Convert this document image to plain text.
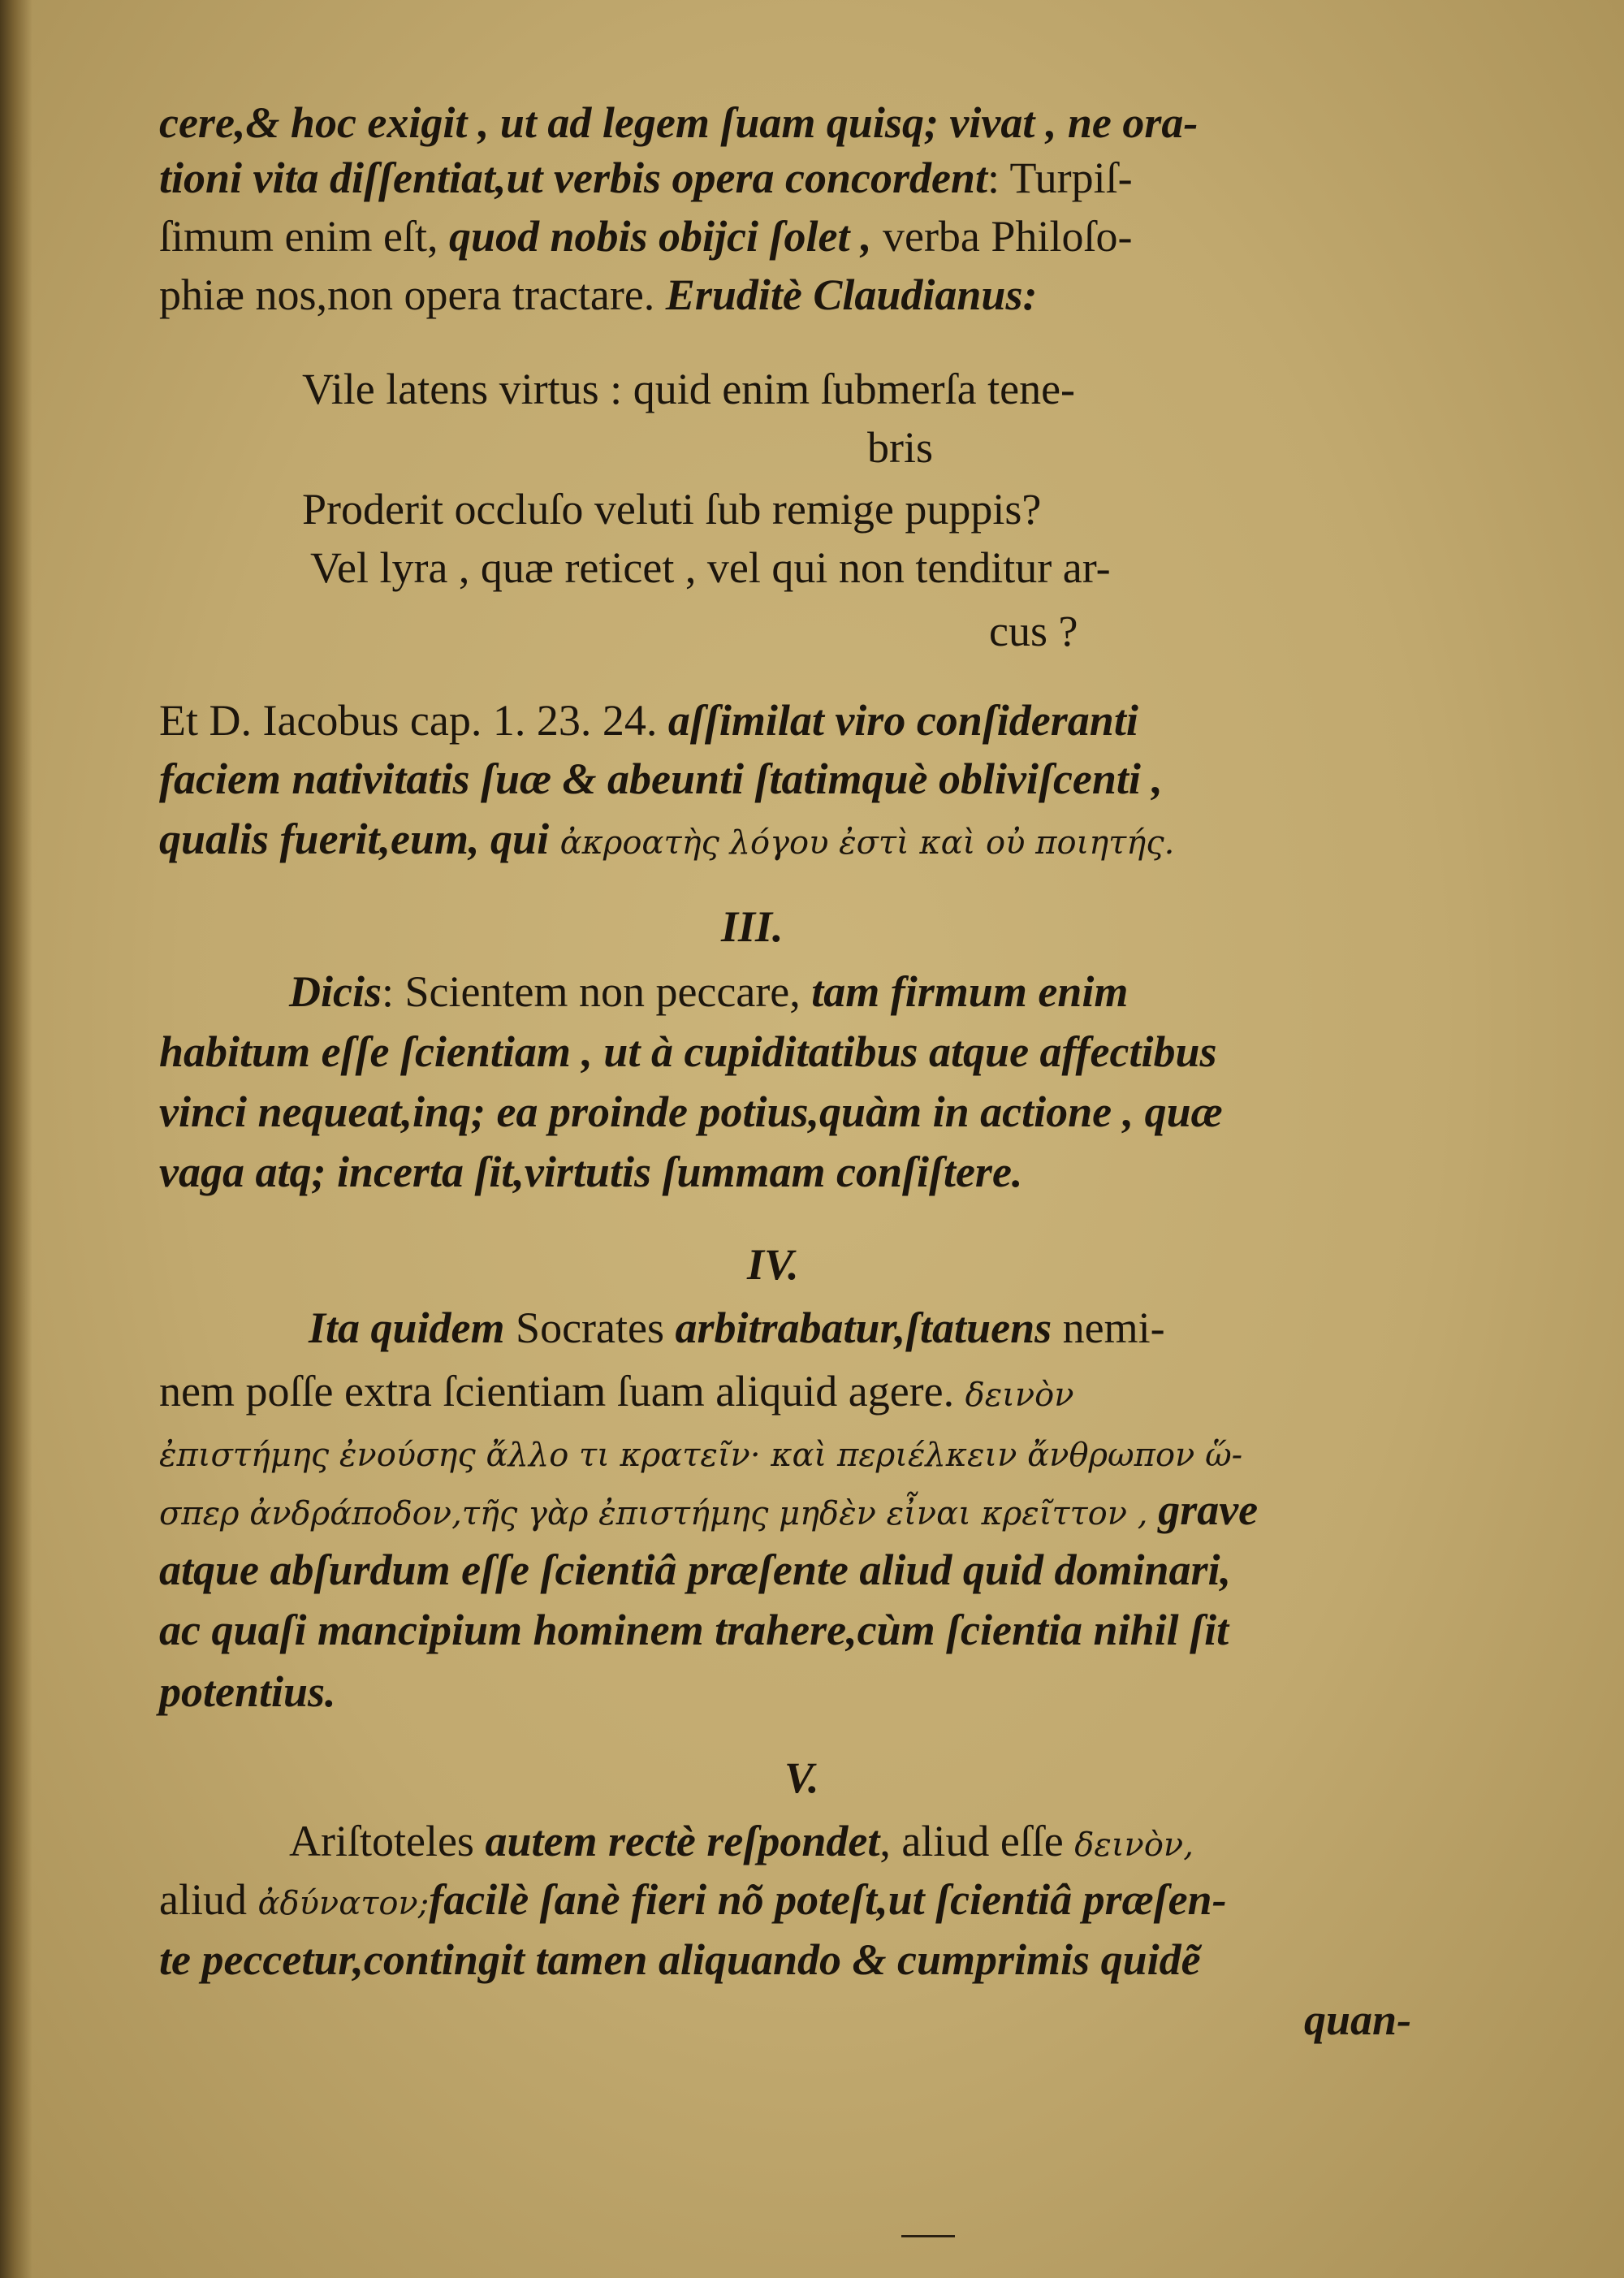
cere,& hoc exigit , ut ad legem ſuam quisq; vivat , ne ora-
tioni vita diſſentiat,ut verbis opera concordent: Turpiſ-
ſimum enim eſt, quod nobis obijci ſolet , verba Philoſo-
phiæ nos,non opera tractare. Eruditè Claudianus:
Vile latens virtus : quid enim ſubmerſa tene-
bris
Proderit occluſo veluti ſub remige puppis?
Vel lyra , quæ reticet , vel qui non tenditur ar-
cus ?
Et D. Iacobus cap. 1. 23. 24. aſſimilat viro conſideranti
faciem nativitatis ſuæ & abeunti ſtatimquè obliviſcenti ,
qualis fuerit,eum, qui ἀκροατὴς λόγου ἐστὶ καὶ οὐ ποιητής.
III.
Dicis: Scientem non peccare, tam firmum enim
habitum eſſe ſcientiam , ut à cupiditatibus atque affectibus
vinci nequeat,inq; ea proinde potius,quàm in actione , quæ
vaga atq; incerta ſit,virtutis ſummam conſiſtere.
IV.
Ita quidem Socrates arbitrabatur,ſtatuens nemi-
nem poſſe extra ſcientiam ſuam aliquid agere. δεινὸν
ἐπιστήμης ἐνούσης ἄλλο τι κρατεῖν· καὶ περιέλκειν ἄνθρωπον ὥ-
σπερ ἀνδράποδον,τῆς γὰρ ἐπιστήμης μηδὲν εἶναι κρεῖττον , grave
atque abſurdum eſſe ſcientiâ præſente aliud quid dominari,
ac quaſi mancipium hominem trahere,cùm ſcientia nihil ſit
potentius.
V.
Ariſtoteles autem rectè reſpondet, aliud eſſe δεινὸν,
aliud ἀδύνατον;facilè ſanè fieri nõ poteſt,ut ſcientiâ præſen-
te peccetur,contingit tamen aliquando & cumprimis quidẽ
quan-
